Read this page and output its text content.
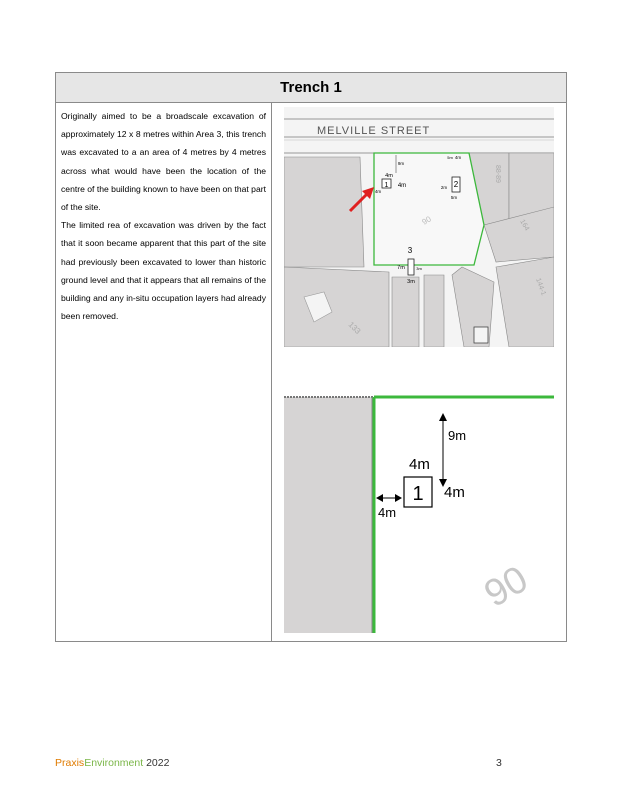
Trench 1

Originally aimed to be a broadscale excavation of approximately 12 x 8 metres within Area 3, this trench was excavated to a an area of 4 metres by 4 metres across what would have been the location of the centre of the building known to have been on that part of the site.

The limited rea of excavation was driven by the fact that it soon became apparent that this part of the site had previously been excavated to lower than historic ground level and that it appears that all remains of the building and any in-situ occupation layers had already been removed.

1 4m
4m
9m
4m
2
4m
5m
2m
5m
3
7m
3m
3m
MELVILLE STREET
90
88-89
164
144-1
133
9m
1
4m
4m
4m
90
PraxisEnvironment 2022	3
